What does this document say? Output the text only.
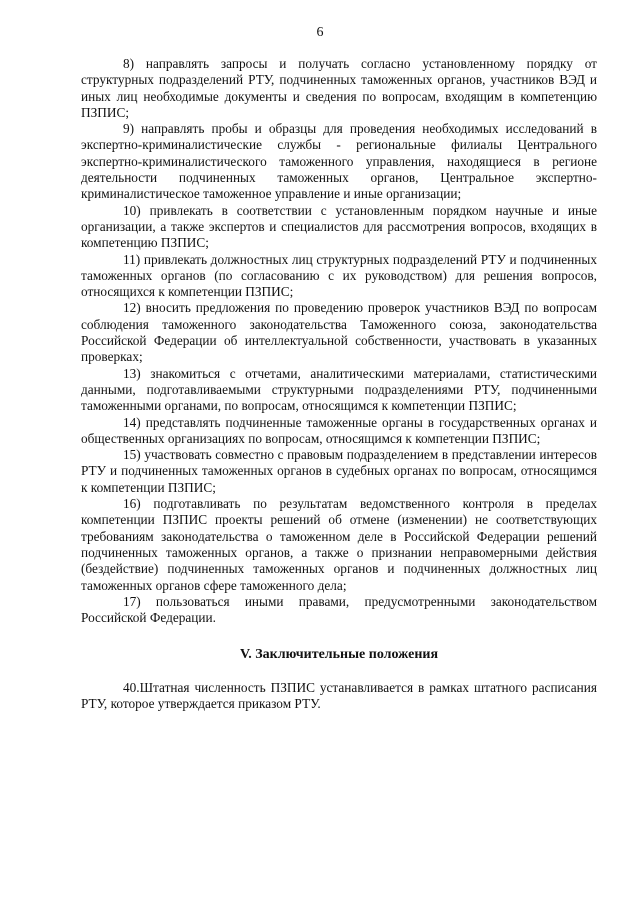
6

8) направлять запросы и получать согласно установленному порядку от структурных подразделений РТУ, подчиненных таможенных органов, участников ВЭД и иных лиц необходимые документы и сведения по вопросам, входящим в компетенцию ПЗПИС;

9) направлять пробы и образцы для проведения необходимых исследований в экспертно-криминалистические службы - региональные филиалы Центрального экспертно-криминалистического таможенного управления, находящиеся в регионе деятельности подчиненных таможенных органов, Центральное экспертно-криминалистическое таможенное управление и иные организации;

10) привлекать в соответствии с установленным порядком научные и иные организации, а также экспертов и специалистов для рассмотрения вопросов, входящих в компетенцию ПЗПИС;

11) привлекать должностных лиц структурных подразделений РТУ и подчиненных таможенных органов (по согласованию с их руководством) для решения вопросов, относящихся к компетенции ПЗПИС;

12) вносить предложения по проведению проверок участников ВЭД по вопросам соблюдения таможенного законодательства Таможенного союза, законодательства Российской Федерации об интеллектуальной собственности, участвовать в указанных проверках;

13) знакомиться с отчетами, аналитическими материалами, статистическими данными, подготавливаемыми структурными подразделениями РТУ, подчиненными таможенными органами, по вопросам, относящимся к компетенции ПЗПИС;

14) представлять подчиненные таможенные органы в государственных органах и общественных организациях по вопросам, относящимся к компетенции ПЗПИС;

15) участвовать совместно с правовым подразделением в представлении интересов РТУ и подчиненных таможенных органов в судебных органах по вопросам, относящимся к компетенции ПЗПИС;

16) подготавливать по результатам ведомственного контроля в пределах компетенции ПЗПИС проекты решений об отмене (изменении) не соответствующих требованиям законодательства о таможенном деле в Российской Федерации решений подчиненных таможенных органов, а также о признании неправомерными действия (бездействие) подчиненных таможенных органов и подчиненных должностных лиц таможенных органов сфере таможенного дела;

17) пользоваться иными правами, предусмотренными законодательством Российской Федерации.

V. Заключительные положения

40.Штатная численность ПЗПИС устанавливается в рамках штатного расписания РТУ, которое утверждается приказом РТУ.
